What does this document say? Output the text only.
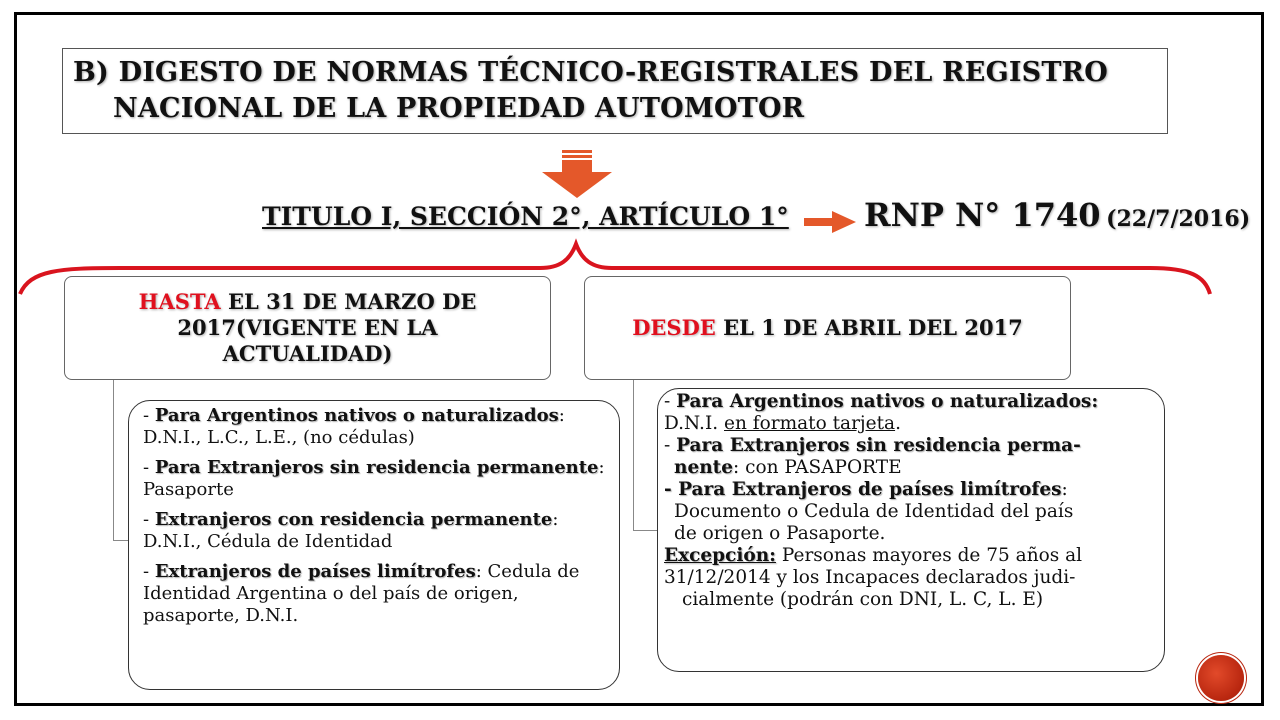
B) DIGESTO DE NORMAS TÉCNICO-REGISTRALES DEL REGISTRO
NACIONAL DE LA PROPIEDAD AUTOMOTOR
TITULO I, SECCIÓN 2°, ARTÍCULO 1° RNP N° 1740 (22/7/2016)
HASTA EL 31 DE MARZO DE 2017(VIGENTE EN LA ACTUALIDAD)
DESDE EL 1 DE ABRIL DEL 2017

- Para Argentinos nativos o naturalizados: D.N.I., L.C., L.E., (no cédulas)

- Para Extranjeros sin residencia permanente: Pasaporte

- Extranjeros con residencia permanente: D.N.I., Cédula de Identidad

- Extranjeros de países limítrofes: Cedula de Identidad Argentina o del país de origen, pasaporte, D.N.I.

- Para Argentinos nativos o naturalizados:

D.N.I. en formato tarjeta.

- Para Extranjeros sin residencia perma-

nente: con PASAPORTE

- Para Extranjeros de países limítrofes:

Documento o Cedula de Identidad del país

de origen o Pasaporte.

Excepción: Personas mayores de 75 años al

31/12/2014 y los Incapaces declarados judi-

cialmente (podrán con DNI, L. C, L. E)
